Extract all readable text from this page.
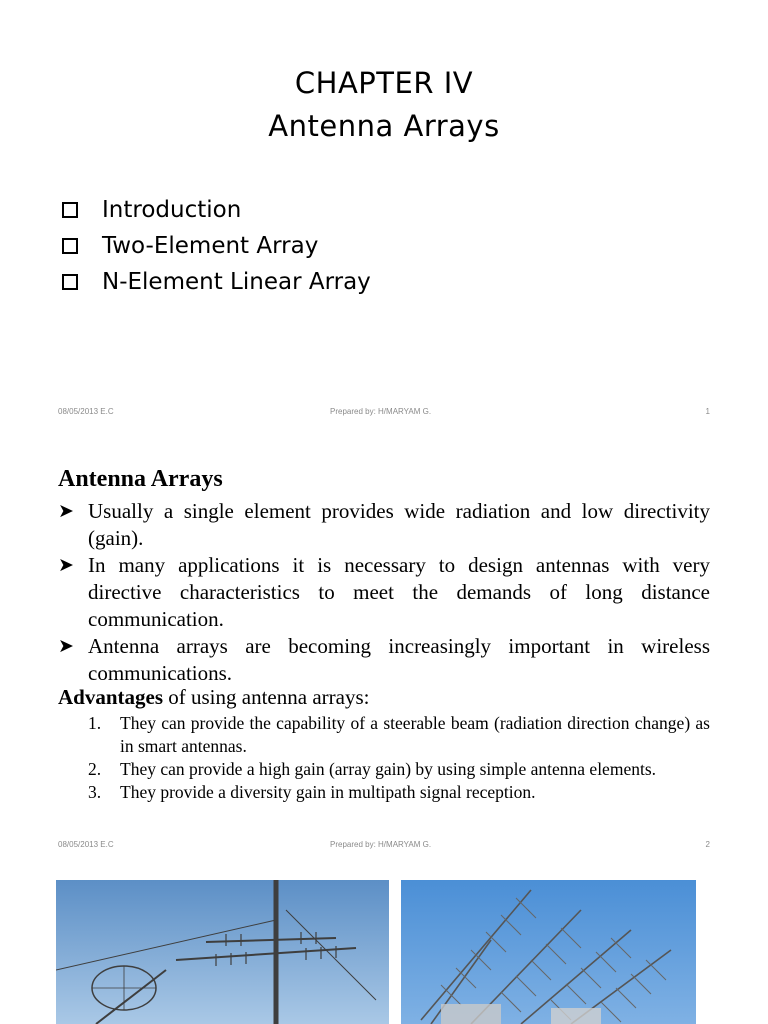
CHAPTER IV
Antenna Arrays
Introduction
Two-Element Array
N-Element Linear Array
08/05/2013 E.C	Prepared by: H/MARYAM G.	1
Antenna Arrays
➤ Usually a single element provides wide radiation and low directivity (gain).
➤ In many applications it is necessary to design antennas with very directive characteristics to meet the demands of long distance communication.
➤ Antenna arrays are becoming increasingly important in wireless communications.
Advantages of using antenna arrays:
1. They can provide the capability of a steerable beam (radiation direction change) as in smart antennas.
2. They can provide a high gain (array gain) by using simple antenna elements.
3. They provide a diversity gain in multipath signal reception.
08/05/2013 E.C	Prepared by: H/MARYAM G.	2
